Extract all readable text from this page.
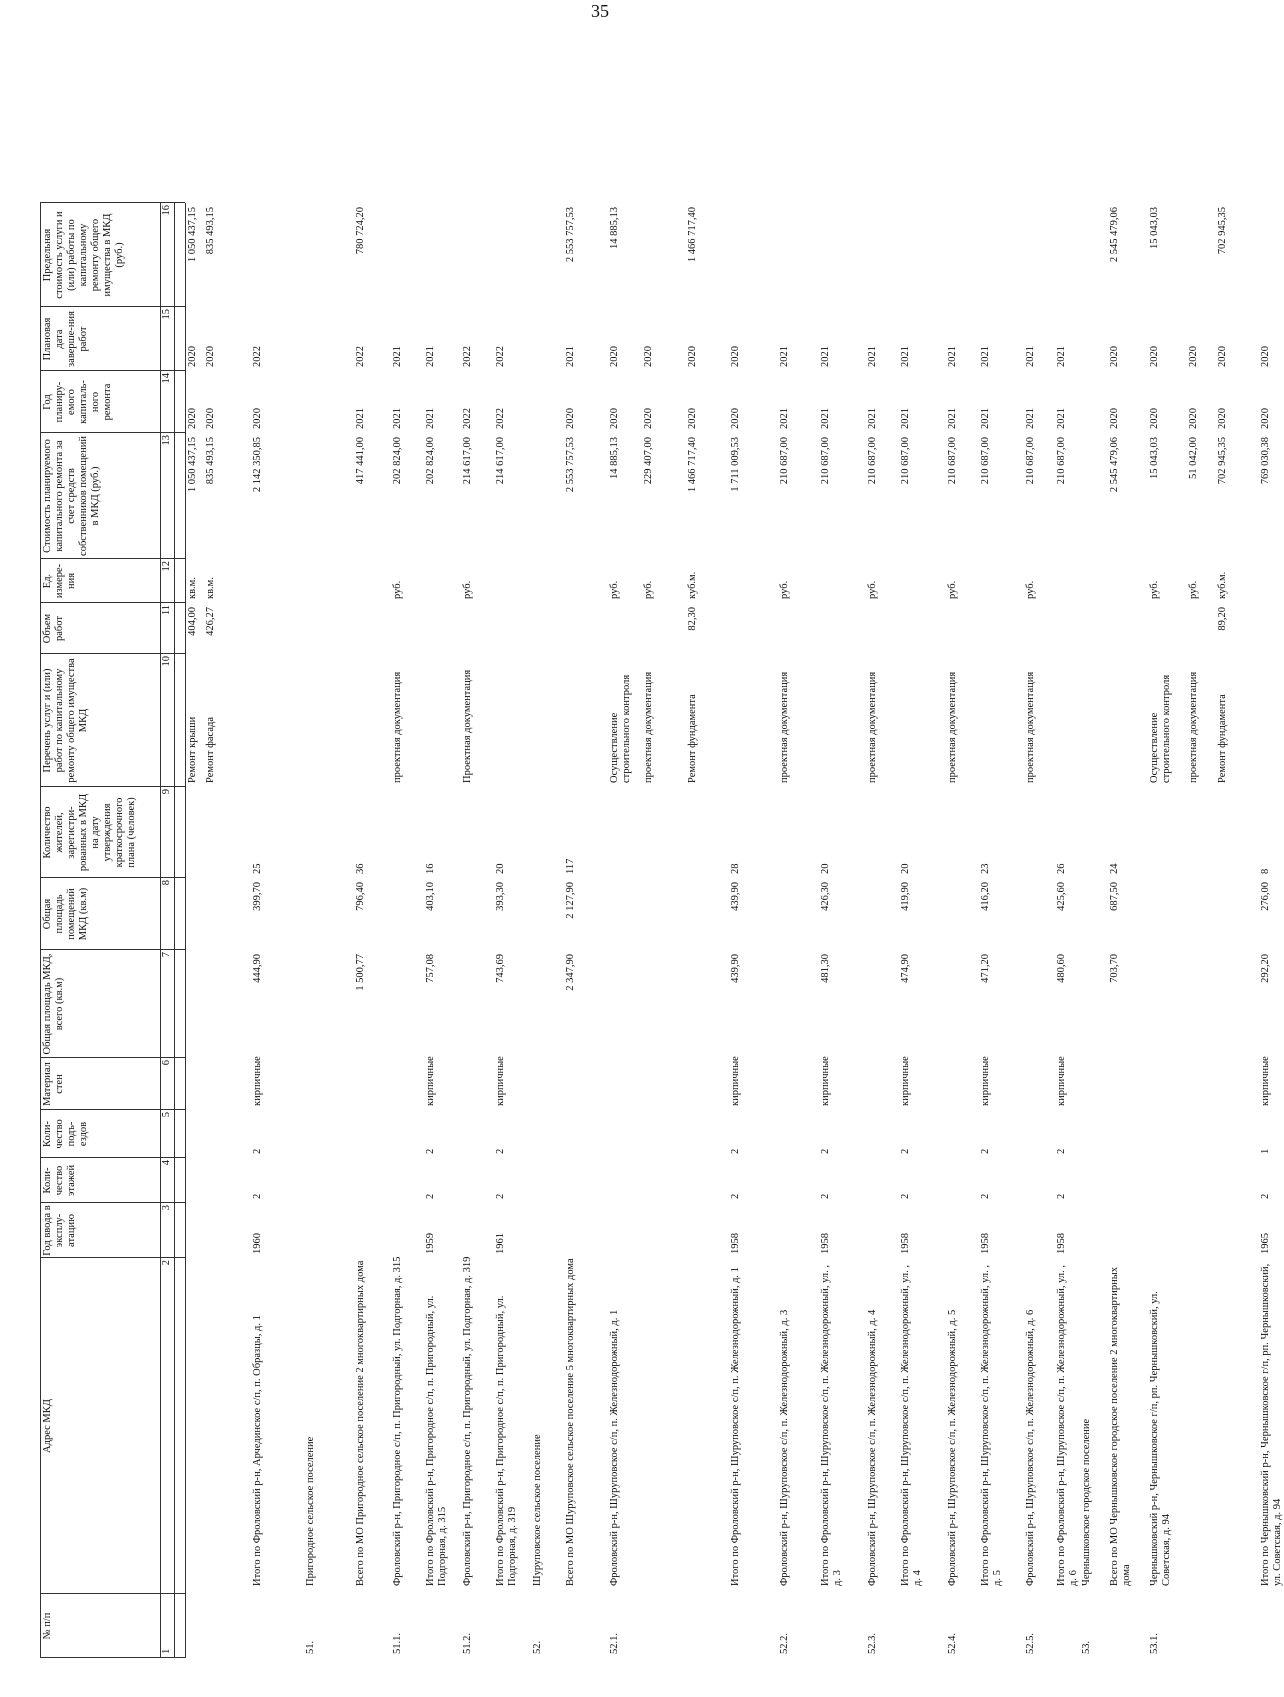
35
№ п/п
Адрес МКД
Год ввода в эксплу-атацию
Коли-чество этажей
Коли-чество подъ-ездов
Материал стен
Общая площадь МКД, всего (кв.м)
Общая площадь помещений МКД (кв.м)
Количество жителей, зарегистри-рованных в МКД на дату утверждения краткосрочного плана (человек)
Перечень услуг и (или) работ по капитальному ремонту общего имущества МКД
Объем работ
Ед. измере-ния
Стоимость планируемого капитального ремонта за счет средств собственников помещений в МКД (руб.)
Год планиру-емого капиталь-ного ремонта
Плановая дата заверше-ния работ
Предельная стоимость услуги и (или) работы по капитальному ремонту общего имущества в МКД (руб.)
1
2
3
4
5
6
7
8
9
10
11
12
13
14
15
16
Ремонт крыши
404,00
кв.м.
1 050 437,15
2020
2020
1 050 437,15
Ремонт фасада
426,27
кв.м.
835 493,15
2020
2020
835 493,15
Итого по Фроловский р-н, Арчединское с/п, п. Образцы, д. 1
1960
2
2
кирпичные
444,90
399,70
25
2 142 350,85
2020
2022
51.
Пригородное сельское поселение	Всего по МО Пригородное сельское поселение 2 многоквартирных дома
1 500,77
796,40
36
417 441,00
2021
2022
780 724,20
51.1.
Фроловский р-н, Пригородное с/п, п. Пригородный, ул. Подгорная, д. 315
проектная документация
руб.
202 824,00
2021
2021
Итого по Фроловский р-н, Пригородное с/п, п. Пригородный, ул. Подгорная, д. 315
1959
2
2
кирпичные
757,08
403,10
16
202 824,00
2021
2021
51.2.
Фроловский р-н, Пригородное с/п, п. Пригородный, ул. Подгорная, д. 319
Проектная документация
руб.
214 617,00
2022
2022
Итого по Фроловский р-н, Пригородное с/п, п. Пригородный, ул. Подгорная, д. 319
1961
2
2
кирпичные
743,69
393,30
20
214 617,00
2022
2022
52.
Шуруповское сельское поселение Всего по МО Шуруповское сельское поселение 5 многоквартирных дома
2 347,90
2 127,90
117
2 553 757,53
2020
2021
2 553 757,53
52.1.
Фроловский р-н, Шуруповское с/п, п. Железнодорожный, д. 1
Осуществление строительного контроля
руб.
14 885,13
2020
2020
14 885,13
проектная документация
руб.
229 407,00
2020
2020
Ремонт фундамента
82,30
куб.м.
1 466 717,40
2020
2020
1 466 717,40
Итого по Фроловский р-н, Шуруповское с/п, п. Железнодорожный, д. 1
1958
2
2
кирпичные
439,90
439,90
28
1 711 009,53
2020
2020
52.2.
Фроловский р-н, Шуруповское с/п, п. Железнодорожный, д. 3
проектная документация
руб.
210 687,00
2021
2021
Итого по Фроловский р-н, Шуруповское с/п, п. Железнодорожный, ул. , д. 3
1958
2
2
кирпичные
481,30
426,30
20
210 687,00
2021
2021
52.3.
Фроловский р-н, Шуруповское с/п, п. Железнодорожный, д. 4
проектная документация
руб.
210 687,00
2021
2021
Итого по Фроловский р-н, Шуруповское с/п, п. Железнодорожный, ул. , д. 4
1958
2
2
кирпичные
474,90
419,90
20
210 687,00
2021
2021
52.4.
Фроловский р-н, Шуруповское с/п, п. Железнодорожный, д. 5
проектная документация
руб.
210 687,00
2021
2021
Итого по Фроловский р-н, Шуруповское с/п, п. Железнодорожный, ул. , д. 5
1958
2
2
кирпичные
471,20
416,20
23
210 687,00
2021
2021
52.5.
Фроловский р-н, Шуруповское с/п, п. Железнодорожный, д. 6
проектная документация
руб.
210 687,00
2021
2021
Итого по Фроловский р-н, Шуруповское с/п, п. Железнодорожный, ул. , д. 6
1958
2
2
кирпичные
480,60
425,60
26
210 687,00
2021
2021
53.
Чернышковское городское поселение Всего по МО Чернышковское городское поселение 2 многоквартирных дома
703,70
687,50
24
2 545 479,06
2020
2020
2 545 479,06
53.1.
Чернышковский р-н, Чернышковское г/п, рп. Чернышковский, ул. Советская, д. 94
Осуществление строительного контроля
руб.
15 043,03
2020
2020
15 043,03
проектная документация
руб.
51 042,00
2020
2020
Ремонт фундамента
89,20
куб.м.
702 945,35
2020
2020
702 945,35
Итого по Чернышковский р-н, Чернышковское г/п, рп. Чернышковский, ул. Советская, д. 94
1965
2
1
кирпичные
292,20
276,00
8
769 030,38
2020
2020
